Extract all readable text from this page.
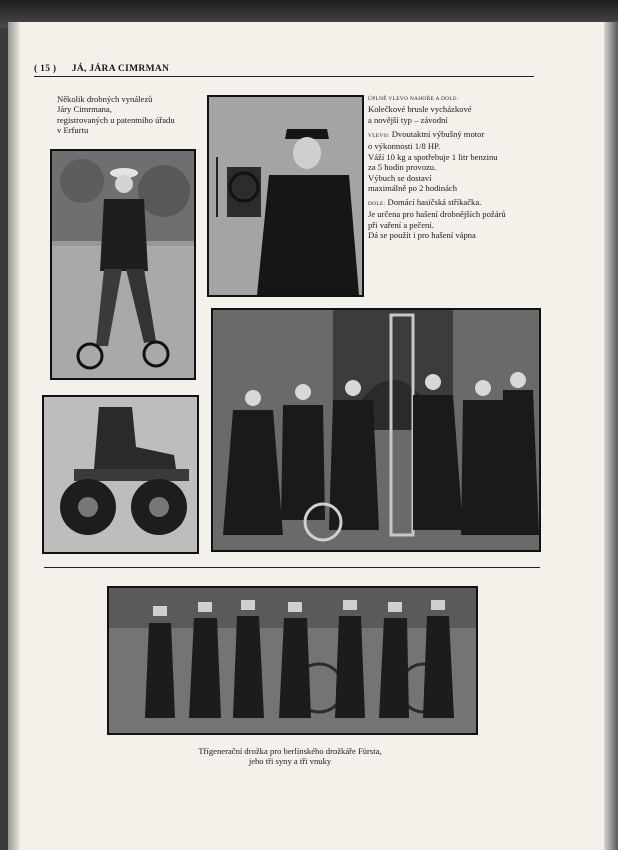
( 15 ) JÁ, JÁRA CIMRMAN
Několik drobných vynálezů
Járy Cimrmana,
registrovaných u patentního úřadu
v Erfurtu
ÚPLNĚ VLEVO NAHOŘE A DOLE:
Kolečkové brusle vycházkové
a novější typ – závodní
VLEVO: Dvoutaktní výbušný motor
o výkonnosti 1/8 HP.
Váží 10 kg a spotřebuje 1 litr benzinu
za 5 hodin provozu.
Výbuch se dostaví
maximálně po 2 hodinách
DOLE: Domácí hasičská stříkačka.
Je určena pro hašení drobnějších požárů
při vaření a pečení.
Dá se použít i pro hašení vápna
Třígenerační drožka pro berlínského drožkáře Fürsta,
jeho tři syny a tři vnuky
